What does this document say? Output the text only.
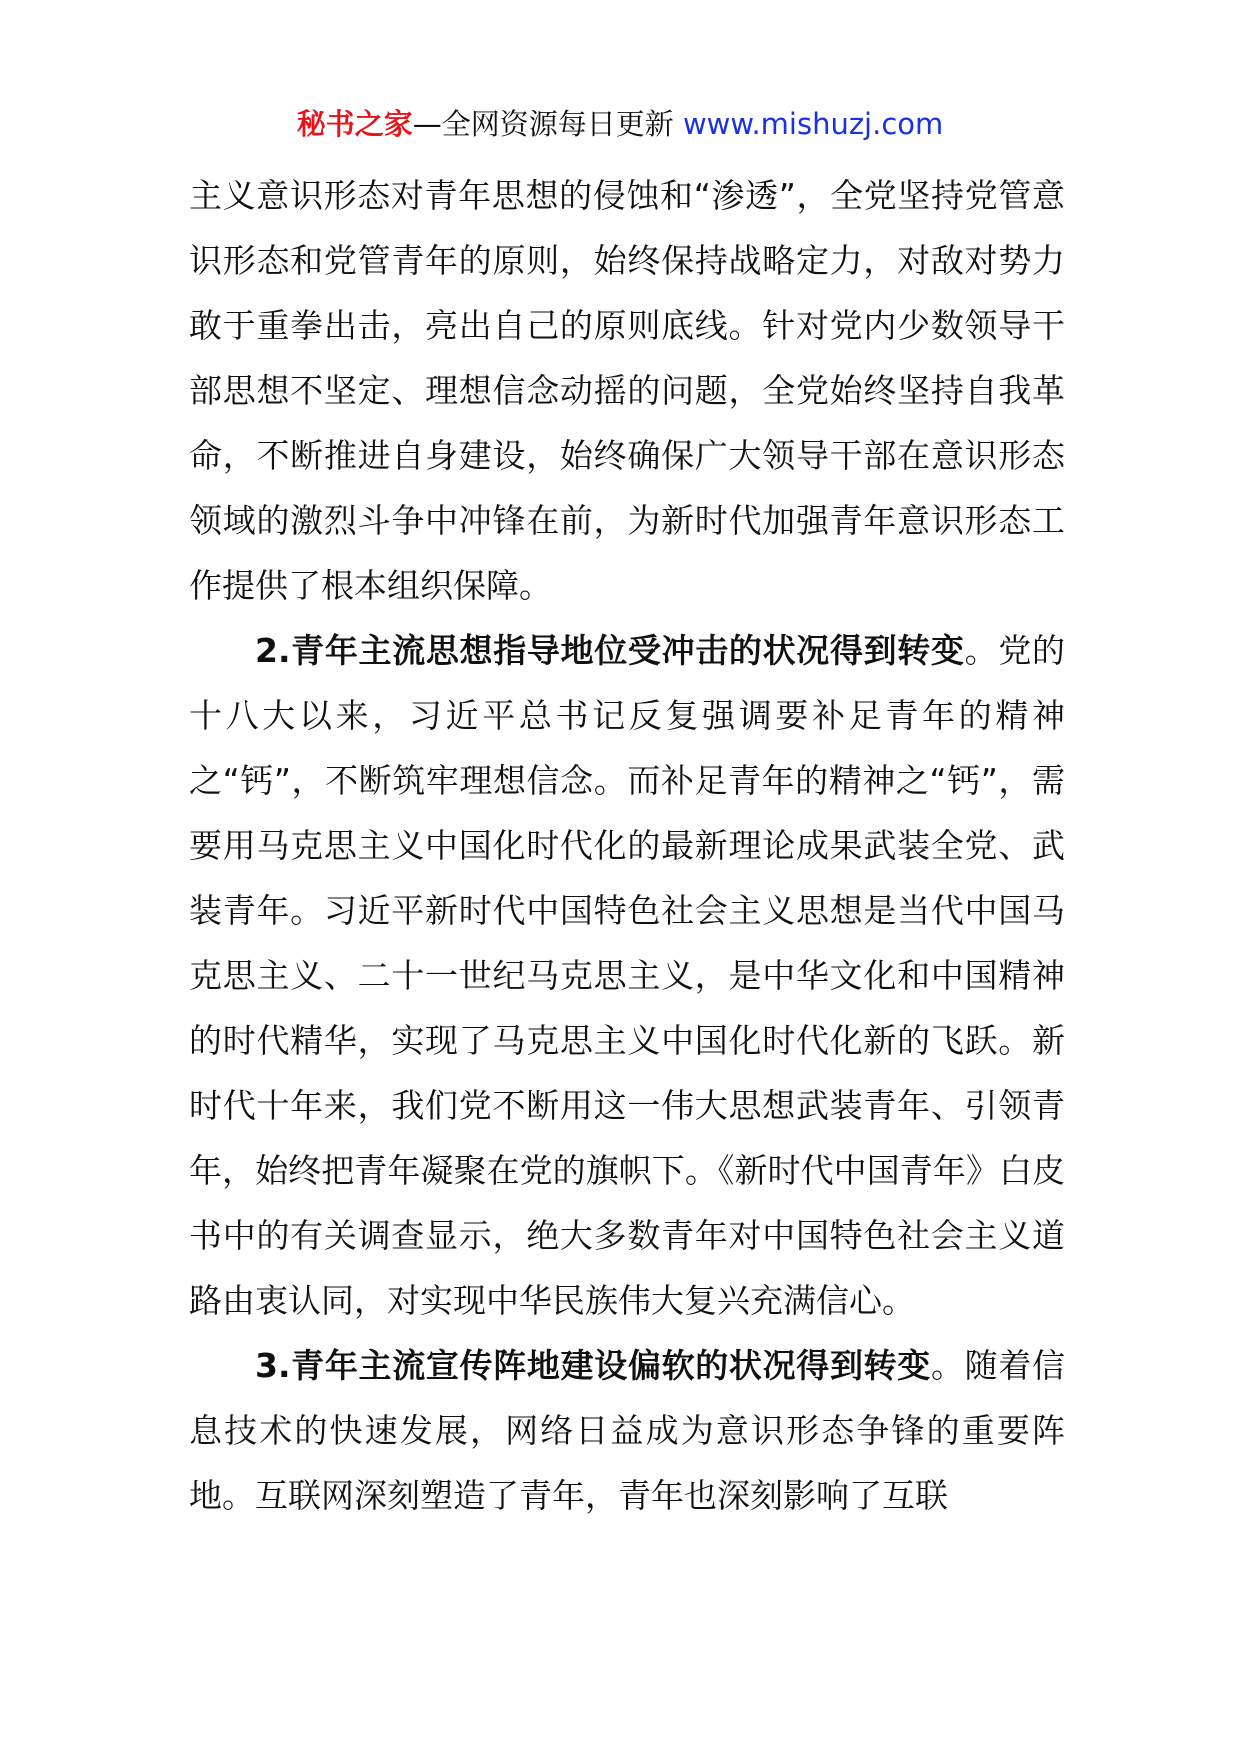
秘书之家—全网资源每日更新 www.mishuzj.com

主义意识形态对青年思想的侵蚀和“渗透”，全党坚持党管意识形态和党管青年的原则，始终保持战略定力，对敌对势力敢于重拳出击，亮出自己的原则底线。针对党内少数领导干部思想不坚定、理想信念动摇的问题，全党始终坚持自我革命，不断推进自身建设，始终确保广大领导干部在意识形态领域的激烈斗争中冲锋在前，为新时代加强青年意识形态工作提供了根本组织保障。

2.青年主流思想指导地位受冲击的状况得到转变。党的十八大以来，习近平总书记反复强调要补足青年的精神之“钙”，不断筑牢理想信念。而补足青年的精神之“钙”，需要用马克思主义中国化时代化的最新理论成果武装全党、武装青年。习近平新时代中国特色社会主义思想是当代中国马克思主义、二十一世纪马克思主义，是中华文化和中国精神的时代精华，实现了马克思主义中国化时代化新的飞跃。新时代十年来，我们党不断用这一伟大思想武装青年、引领青年，始终把青年凝聚在党的旗帜下。《新时代中国青年》白皮书中的有关调查显示，绝大多数青年对中国特色社会主义道路由衷认同，对实现中华民族伟大复兴充满信心。

3.青年主流宣传阵地建设偏软的状况得到转变。随着信息技术的快速发展，网络日益成为意识形态争锋的重要阵地。互联网深刻塑造了青年，青年也深刻影响了互联
